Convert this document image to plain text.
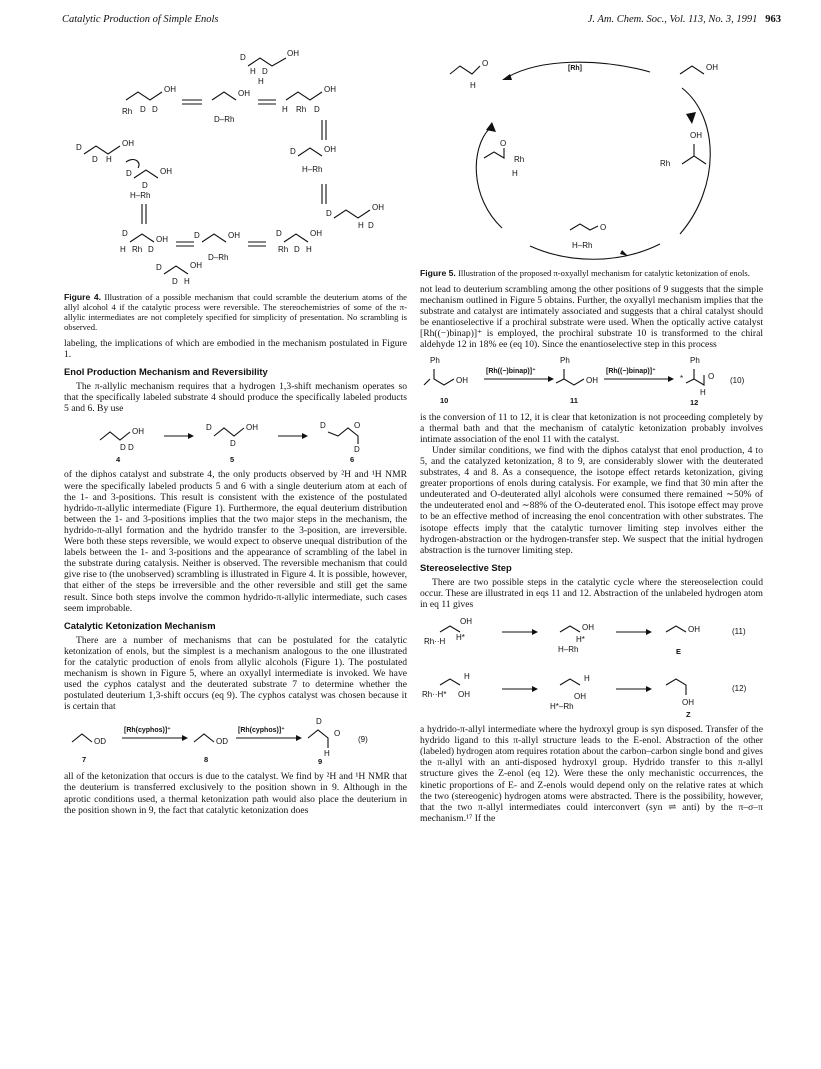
Catalytic Production of Simple Enols	J. Am. Chem. Soc., Vol. 113, No. 3, 1991 963
D
H D
H
OH
OH
Rh D D
OH
D–Rh
OH
H Rh D
D	OH
D H
D	OH
D
H–Rh
D	OH
H–Rh
D
OH
H D
D
OH
H Rh D
D	OH
D–Rh
D	OH
Rh D H
D	OH
D H
Figure 4. Illustration of a possible mechanism that could scramble the deuterium atoms of the allyl alcohol 4 if the catalytic process were reversible. The stereochemistries of some of the π-allylic intermediates are not completely specified for simplicity of presentation. No scrambling is observed.

labeling, the implications of which are embodied in the mechanism postulated in Figure 1.

Enol Production Mechanism and Reversibility

The π-allylic mechanism requires that a hydrogen 1,3-shift mechanism operates so that the specifically labeled substrate 4 should produce the specifically labeled products 5 and 6. By use

OH
D D
4
D	OH
D
5
D	O
D
6

of the diphos catalyst and substrate 4, the only products observed by ²H and ¹H NMR were the specifically labeled products 5 and 6 with a single deuterium atom at each of the 1- and 3-positions. This result is consistent with the existence of the postulated hydrido-π-allylic intermediate (Figure 1). Furthermore, the equal deuterium distribution between the 1- and 3-positions implies that the two major steps in the mechanism, the hydrido-π-allyl formation and the hydrido transfer to the 3-position, are irreversible. Were both these steps reversible, we would expect to observe unequal distribution of the labels between the 1- and 3-positions and the appearance of scrambling of the label in the substrate during catalysis. Neither is observed. The reversible mechanism that could give rise to (the unobserved) scrambling is illustrated in Figure 4. It is possible, however, that either of the steps be irreversible and the other reversible and still get the same result. Since both steps involve the common hydrido-π-allylic intermediate, such cases seem improbable.

Catalytic Ketonization Mechanism

There are a number of mechanisms that can be postulated for the catalytic ketonization of enols, but the simplest is a mechanism analogous to the one illustrated for the catalytic production of enols from allylic alcohols (Figure 1). The postulated mechanism is shown in Figure 5, where an oxyallyl intermediate is invoked. We have used the cyphos catalyst and the deuterated substrate 7 to determine whether the postulated deuterium 1,3-shift occurs (eq 9). The cyphos catalyst was chosen because it is certain that

OD
7
[Rh(cyphos)]⁺
OD
8
[Rh(cyphos)]⁺
D
O
H
9
(9)

all of the ketonization that occurs is due to the catalyst. We find by ²H and ¹H NMR that the deuterium is transferred exclusively to the position shown in 9. Although in the aprotic conditions used, a thermal ketonization path would also place the deuterium in the position shown in 9, the fact that catalytic ketonization does

O
H
[Rh]	OH
O
Rh
H
OH
Rh
O
H–Rh
Figure 5. Illustration of the proposed π-oxyallyl mechanism for catalytic ketonization of enols.

not lead to deuterium scrambling among the other positions of 9 suggests that the simple mechanism outlined in Figure 5 obtains. Further, the oxyallyl mechanism implies that the substrate and catalyst are intimately associated and suggests that a chiral catalyst should be enantioselective if a prochiral substrate were used. When the optically active catalyst [Rh((−)binap)]⁺ is employed, the prochiral substrate 10 is transformed to the chiral aldehyde 12 in 18% ee (eq 10). Since the enantioselective step in this process

Ph
OH
10
[Rh((−)binap)]⁺
Ph
OH
11
[Rh((−)binap)]⁺
Ph
*	O
H
12
(10)

is the conversion of 11 to 12, it is clear that ketonization is not proceeding completely by a thermal bath and that the mechanism of catalytic ketonization probably involves intimate association of the enol 11 with the catalyst.

Under similar conditions, we find with the diphos catalyst that enol production, 4 to 5, and the catalyzed ketonization, 8 to 9, are considerably slower with the deuterated substrates, 4 and 8. As a consequence, the isotope effect retards ketonization, giving greater proportions of enols during catalysis. For example, we find that 30 min after the undeuterated and O-deuterated allyl alcohols were consumed there remained ∼50% of the undeuterated enol and ∼88% of the O-deuterated enol. This isotope effect may prove to be an effective method of increasing the enol concentration with other substrates. The isotope effects imply that the catalytic turnover limiting step involves either the hydrogen-abstraction or the hydrogen-transfer step. We suspect that the initial hydrogen abstraction is the turnover limiting step.

Stereoselective Step

There are two possible steps in the catalytic cycle where the stereoselection could occur. These are illustrated in eqs 11 and 12. Abstraction of the unlabeled hydrogen atom in eq 11 gives

OH
Rh··H H*
OH
H*
H–Rh
OH
E
(11)
H
Rh··H* OH
H
OH
H*–Rh	OH
Z
(12)

a hydrido-π-allyl intermediate where the hydroxyl group is syn disposed. Transfer of the hydrido ligand to this π-allyl structure leads to the E-enol. Abstraction of the other (labeled) hydrogen atom requires rotation about the carbon–carbon single bond and gives the π-allyl with an anti-disposed hydroxyl group. Hydrido transfer to this π-allyl structure gives the Z-enol (eq 12). Were these the only mechanistic occurrences, the kinetic proportions of E- and Z-enols would depend only on the relative rates at which the two (stereogenic) hydrogen atoms were abstracted. There is the possibility, however, that the two π-allyl intermediates could interconvert (syn ⇌ anti) by the π–σ–π mechanism.¹⁷ If the
